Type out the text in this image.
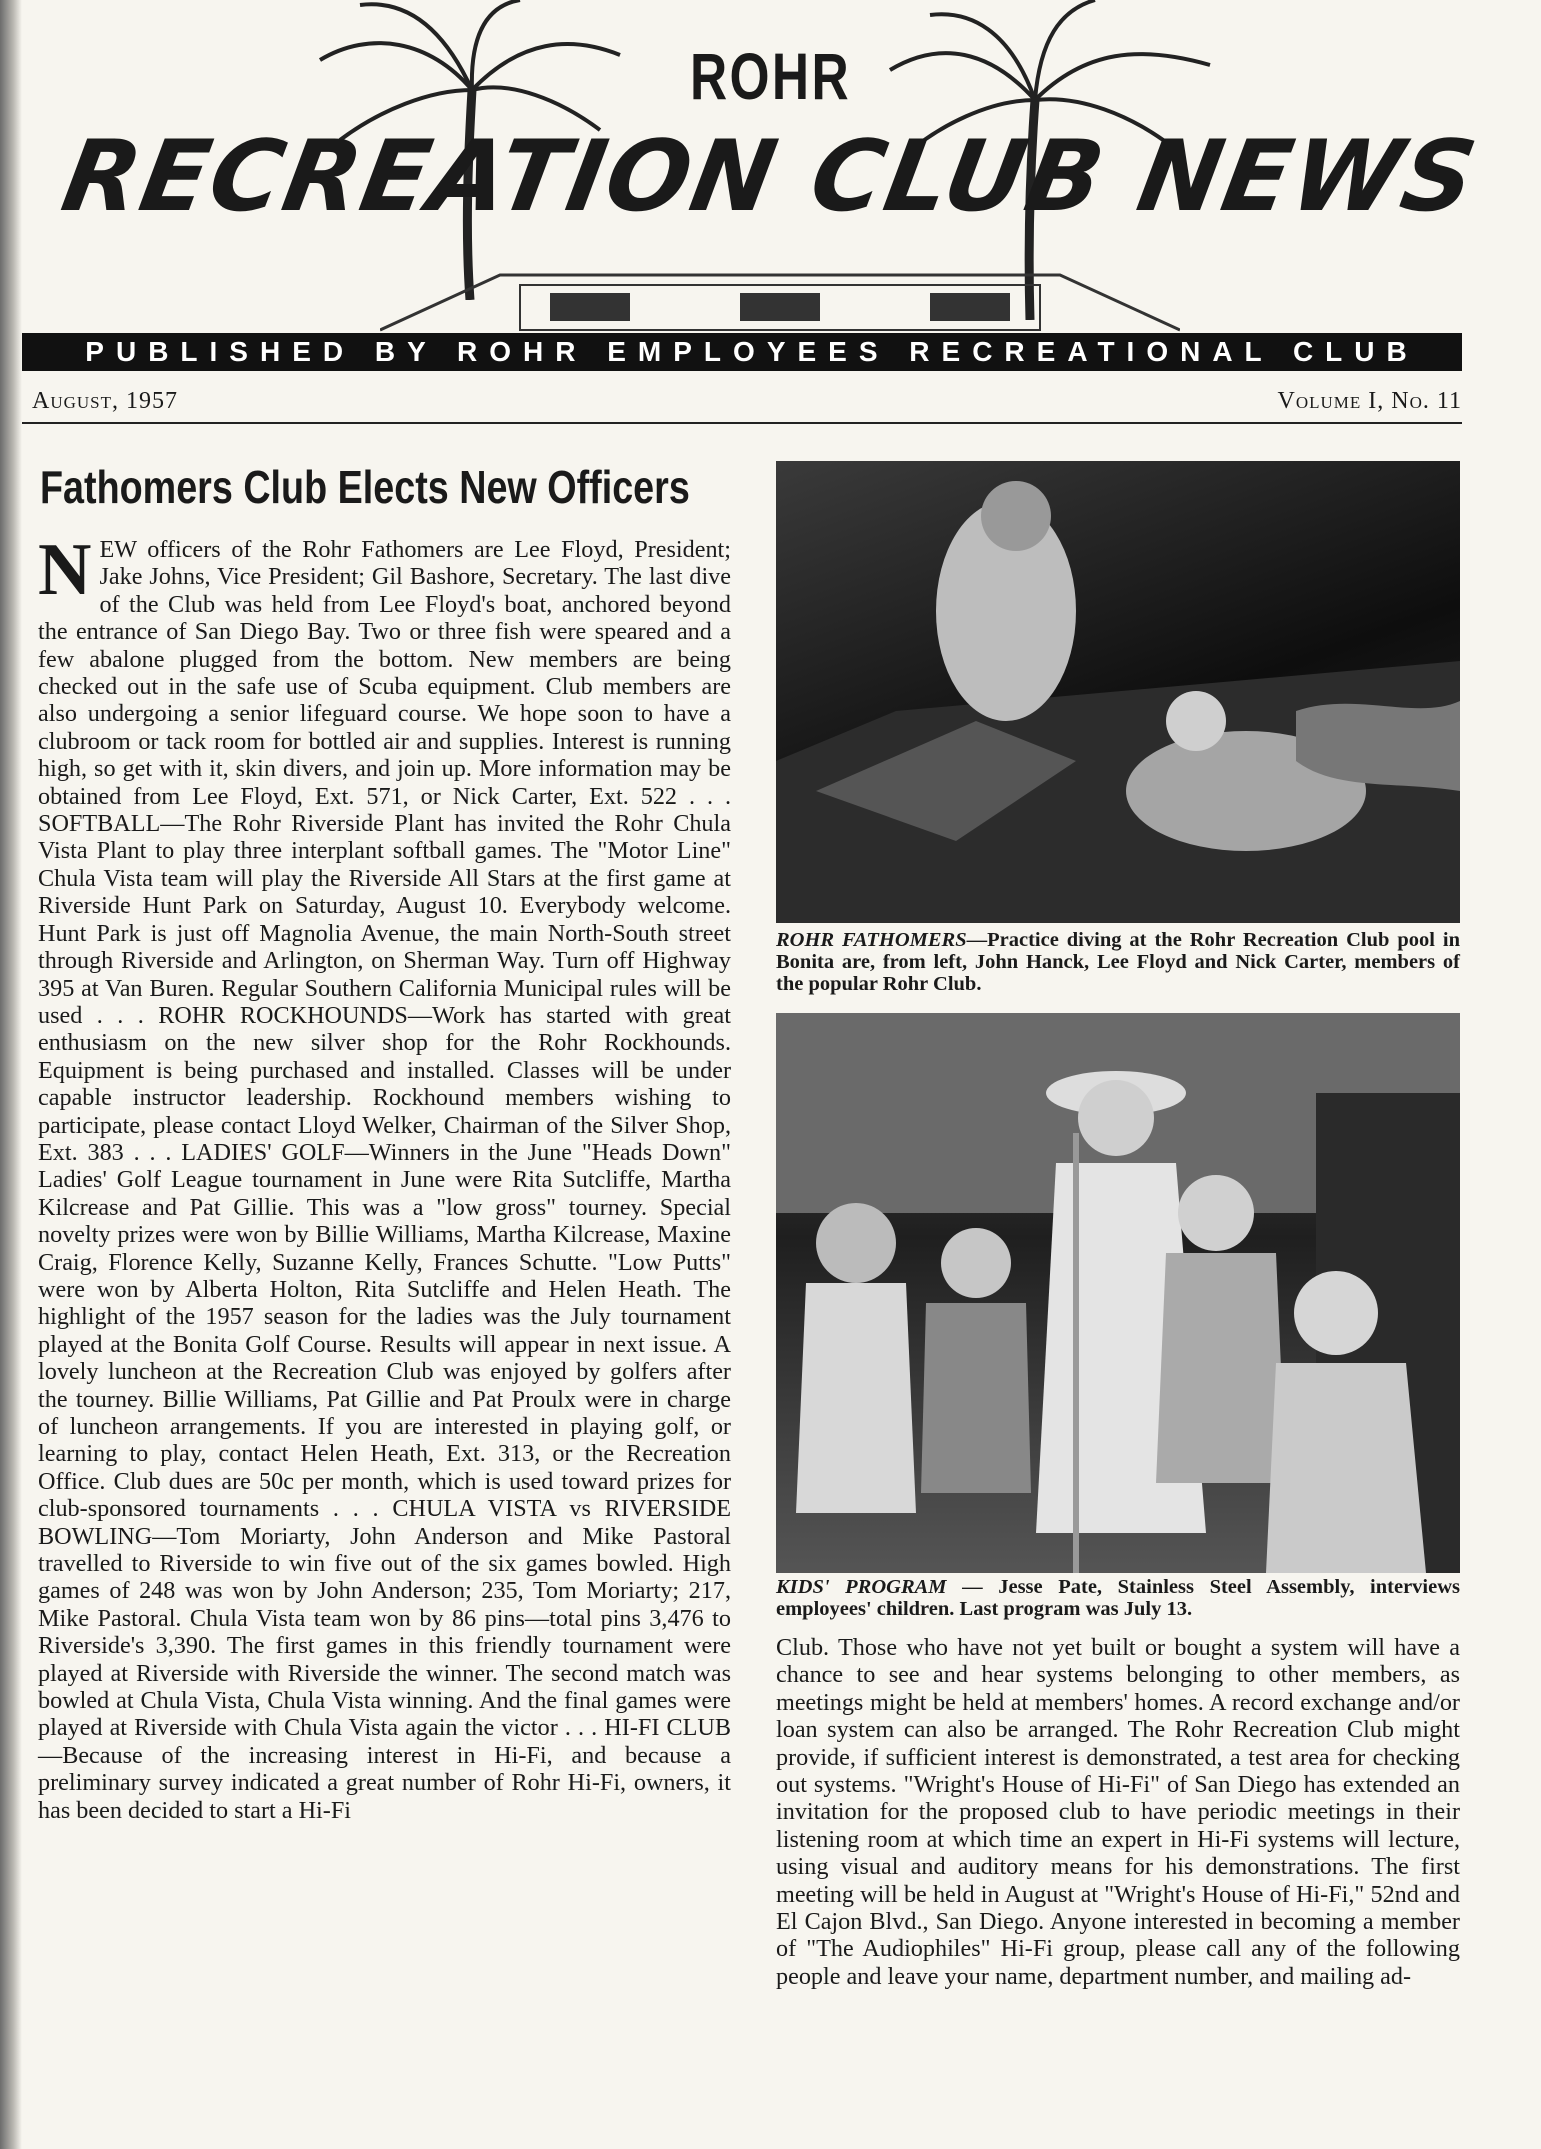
ROHR
RECREATION CLUB NEWS
PUBLISHED BY ROHR EMPLOYEES RECREATIONAL CLUB
August, 1957	Volume I, No. 11
Fathomers Club Elects New Officers
N EW officers of the Rohr Fathomers are Lee Floyd, President; Jake Johns, Vice President; Gil Bashore, Secretary. The last dive of the Club was held from Lee Floyd's boat, anchored beyond the entrance of San Diego Bay. Two or three fish were speared and a few abalone plugged from the bottom. New members are being checked out in the safe use of Scuba equipment. Club members are also undergoing a senior lifeguard course. We hope soon to have a clubroom or tack room for bottled air and supplies. Interest is running high, so get with it, skin divers, and join up. More information may be obtained from Lee Floyd, Ext. 571, or Nick Carter, Ext. 522 . . . SOFTBALL—The Rohr Riverside Plant has invited the Rohr Chula Vista Plant to play three interplant softball games. The "Motor Line" Chula Vista team will play the Riverside All Stars at the first game at Riverside Hunt Park on Saturday, August 10. Everybody welcome. Hunt Park is just off Magnolia Avenue, the main North-South street through Riverside and Arlington, on Sherman Way. Turn off Highway 395 at Van Buren. Regular Southern California Municipal rules will be used . . . ROHR ROCKHOUNDS—Work has started with great enthusiasm on the new silver shop for the Rohr Rockhounds. Equipment is being purchased and installed. Classes will be under capable instructor leadership. Rockhound members wishing to participate, please contact Lloyd Welker, Chairman of the Silver Shop, Ext. 383 . . . LADIES' GOLF—Winners in the June "Heads Down" Ladies' Golf League tournament in June were Rita Sutcliffe, Martha Kilcrease and Pat Gillie. This was a "low gross" tourney. Special novelty prizes were won by Billie Williams, Martha Kilcrease, Maxine Craig, Florence Kelly, Suzanne Kelly, Frances Schutte. "Low Putts" were won by Alberta Holton, Rita Sutcliffe and Helen Heath. The highlight of the 1957 season for the ladies was the July tournament played at the Bonita Golf Course. Results will appear in next issue. A lovely luncheon at the Recreation Club was enjoyed by golfers after the tourney. Billie Williams, Pat Gillie and Pat Proulx were in charge of luncheon arrangements. If you are interested in playing golf, or learning to play, contact Helen Heath, Ext. 313, or the Recreation Office. Club dues are 50c per month, which is used toward prizes for club-sponsored tournaments . . . CHULA VISTA vs RIVERSIDE BOWLING—Tom Moriarty, John Anderson and Mike Pastoral travelled to Riverside to win five out of the six games bowled. High games of 248 was won by John Anderson; 235, Tom Moriarty; 217, Mike Pastoral. Chula Vista team won by 86 pins—total pins 3,476 to Riverside's 3,390. The first games in this friendly tournament were played at Riverside with Riverside the winner. The second match was bowled at Chula Vista, Chula Vista winning. And the final games were played at Riverside with Chula Vista again the victor . . . HI-FI CLUB—Because of the increasing interest in Hi-Fi, and because a preliminary survey indicated a great number of Rohr Hi-Fi, owners, it has been decided to start a Hi-Fi
ROHR FATHOMERS—Practice diving at the Rohr Recreation Club pool in Bonita are, from left, John Hanck, Lee Floyd and Nick Carter, members of the popular Rohr Club.
KIDS' PROGRAM — Jesse Pate, Stainless Steel Assembly, interviews employees' children. Last program was July 13.
Club. Those who have not yet built or bought a system will have a chance to see and hear systems belonging to other members, as meetings might be held at members' homes. A record exchange and/or loan system can also be arranged. The Rohr Recreation Club might provide, if sufficient interest is demonstrated, a test area for checking out systems. "Wright's House of Hi-Fi" of San Diego has extended an invitation for the proposed club to have periodic meetings in their listening room at which time an expert in Hi-Fi systems will lecture, using visual and auditory means for his demonstrations. The first meeting will be held in August at "Wright's House of Hi-Fi," 52nd and El Cajon Blvd., San Diego. Anyone interested in becoming a member of "The Audiophiles" Hi-Fi group, please call any of the following people and leave your name, department number, and mailing ad-
